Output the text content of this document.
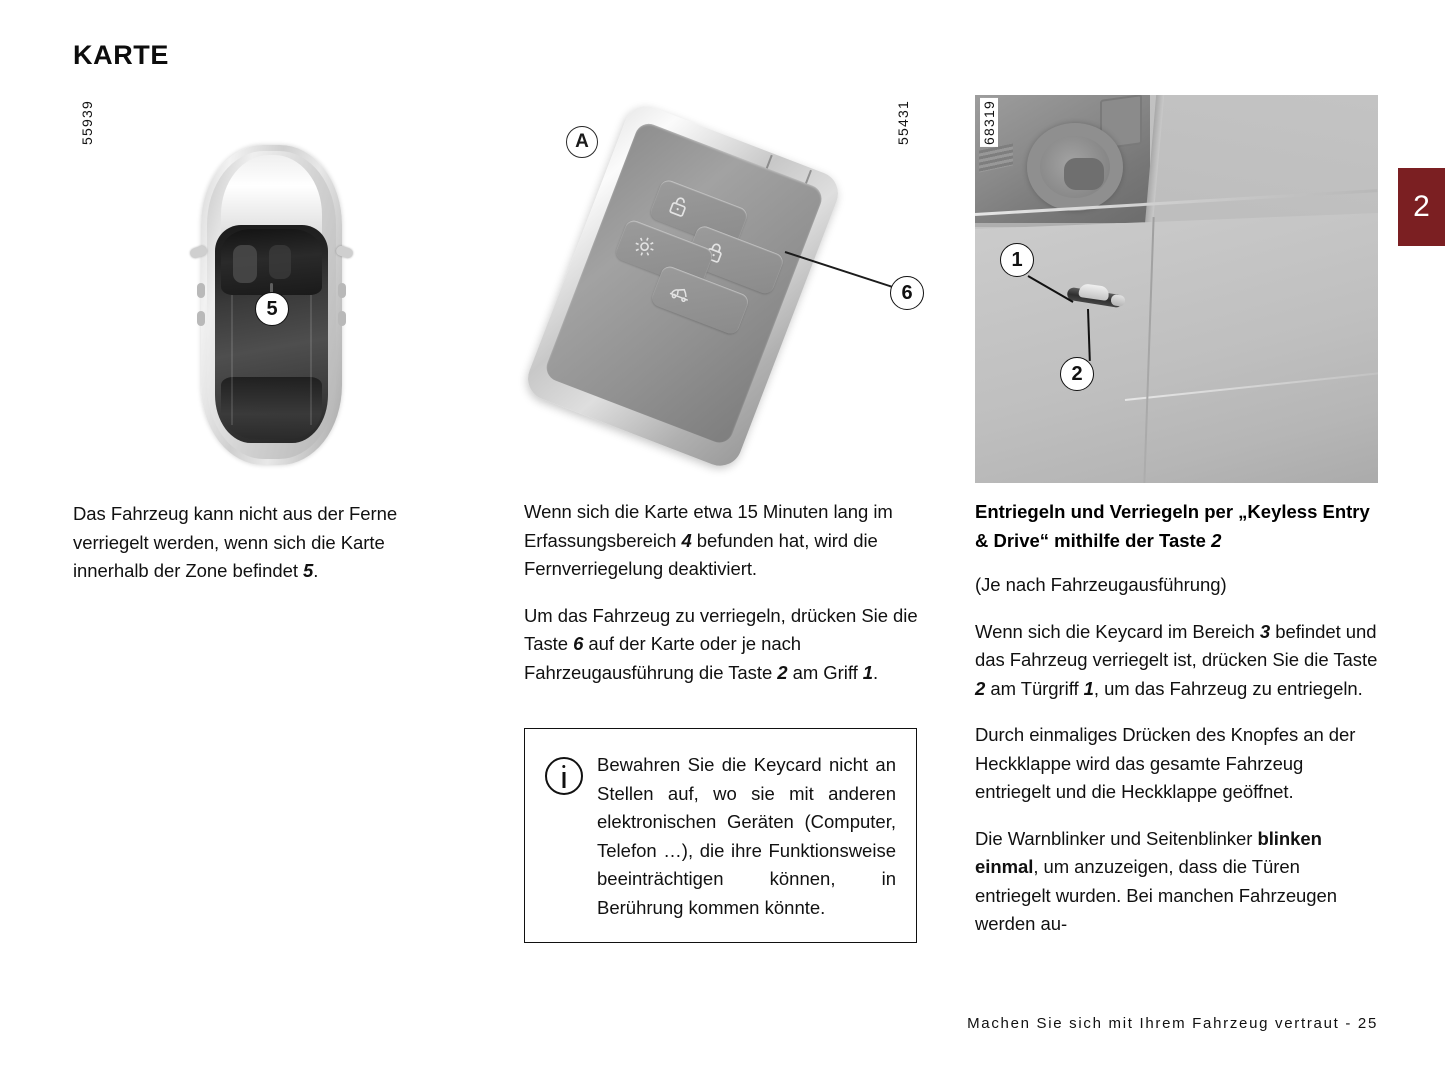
KARTE
2
55939
5

Das Fahrzeug kann nicht aus der Ferne verriegelt werden, wenn sich die Karte innerhalb der Zone befindet 5.

55431
A
6

Wenn sich die Karte etwa 15 Minuten lang im Erfassungsbereich 4 befunden hat, wird die Fernverriegelung deaktiviert.

Um das Fahrzeug zu verriegeln, drücken Sie die Taste 6 auf der Karte oder je nach Fahrzeugausführung die Taste 2 am Griff 1.

Bewahren Sie die Keycard nicht an Stellen auf, wo sie mit anderen elektronischen Geräten (Computer, Telefon …), die ihre Funktionsweise beeinträchtigen können, in Berührung kommen könnte.
1
2
68319

Entriegeln und Verriegeln per „Keyless Entry & Drive“ mithilfe der Taste 2

(Je nach Fahrzeugausführung)

Wenn sich die Keycard im Bereich 3 befindet und das Fahrzeug verriegelt ist, drücken Sie die Taste 2 am Türgriff 1, um das Fahrzeug zu entriegeln.

Durch einmaliges Drücken des Knopfes an der Heckklappe wird das gesamte Fahrzeug entriegelt und die Heckklappe geöffnet.

Die Warnblinker und Seitenblinker blinken einmal, um anzuzeigen, dass die Türen entriegelt wurden. Bei manchen Fahrzeugen werden au-

Machen Sie sich mit Ihrem Fahrzeug vertraut - 25
